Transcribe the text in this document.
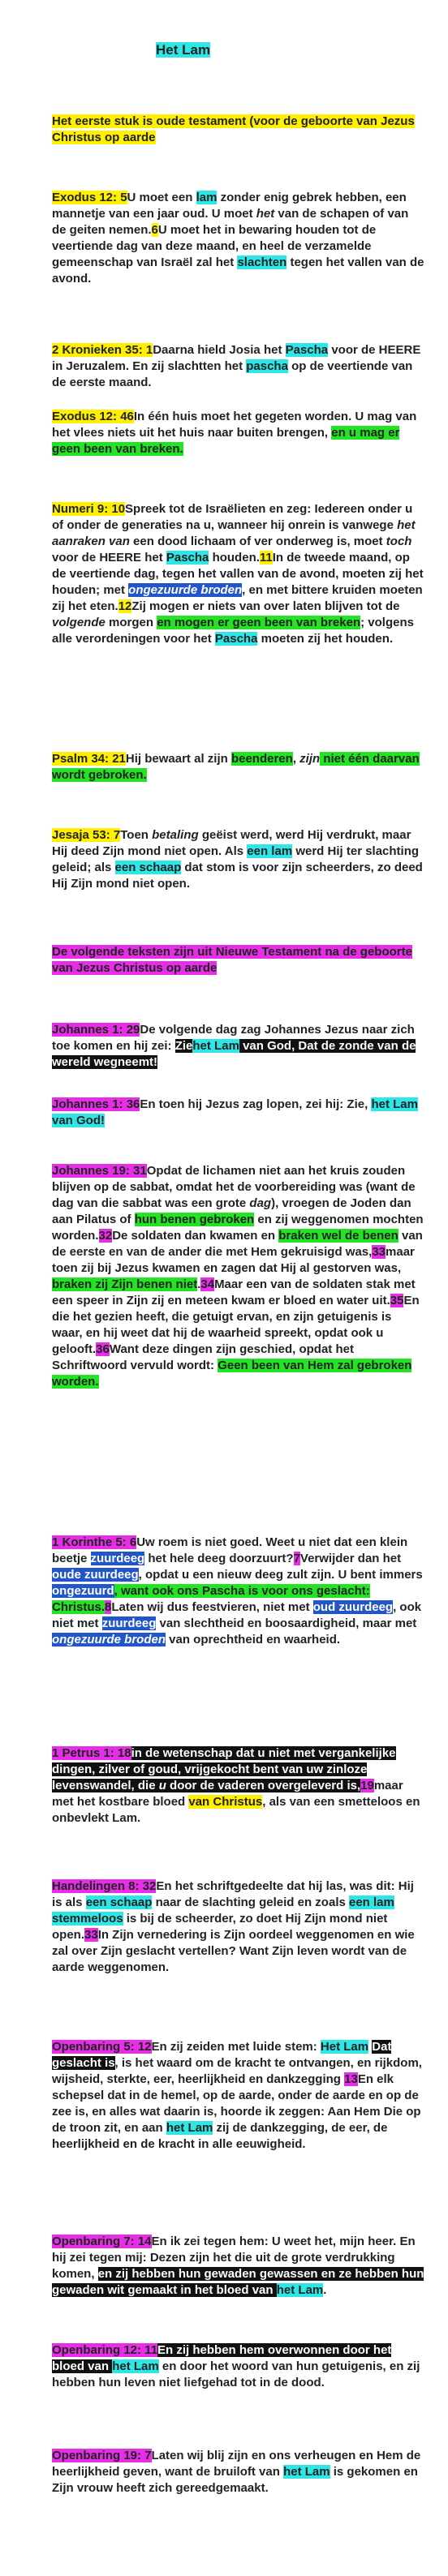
Het Lam

Het eerste stuk is oude testament (voor de geboorte van Jezus Christus op aarde

Exodus 12: 5U moet een lam zonder enig gebrek hebben, een mannetje van een jaar oud. U moet het van de schapen of van de geiten nemen.6U moet het in bewaring houden tot de veertiende dag van deze maand, en heel de verzamelde gemeenschap van Israël zal het slachten tegen het vallen van de avond.

2 Kronieken 35: 1Daarna hield Josia het Pascha voor de HEERE in Jeruzalem. En zij slachtten het pascha op de veertiende van de eerste maand.

Exodus 12: 46In één huis moet het gegeten worden. U mag van het vlees niets uit het huis naar buiten brengen, en u mag er geen been van breken.

Numeri 9: 10Spreek tot de Israëlieten en zeg: Iedereen onder u of onder de generaties na u, wanneer hij onrein is vanwege het aanraken van een dood lichaam of ver onderweg is, moet toch voor de HEERE het Pascha houden.11In de tweede maand, op de veertiende dag, tegen het vallen van de avond, moeten zij het houden; met ongezuurde broden, en met bittere kruiden moeten zij het eten.12Zij mogen er niets van over laten blijven tot de volgende morgen en mogen er geen been van breken; volgens alle verordeningen voor het Pascha moeten zij het houden.

Psalm 34: 21Hij bewaart al zijn beenderen, zijn niet één daarvan wordt gebroken.

Jesaja 53: 7Toen betaling geëist werd, werd Hij verdrukt, maar Hij deed Zijn mond niet open. Als een lam werd Hij ter slachting geleid; als een schaap dat stom is voor zijn scheerders, zo deed Hij Zijn mond niet open.

De volgende teksten zijn uit Nieuwe Testament na de geboorte van Jezus Christus op aarde

Johannes 1: 29De volgende dag zag Johannes Jezus naar zich toe komen en hij zei: Ziehet Lam van God, Dat de zonde van de wereld wegneemt!

Johannes 1: 36En toen hij Jezus zag lopen, zei hij: Zie, het Lam van God!

Johannes 19: 31Opdat de lichamen niet aan het kruis zouden blijven op de sabbat, omdat het de voorbereiding was (want de dag van die sabbat was een grote dag), vroegen de Joden dan aan Pilatus of hun benen gebroken en zij weggenomen mochten worden.32De soldaten dan kwamen en braken wel de benen van de eerste en van de ander die met Hem gekruisigd was,33maar toen zij bij Jezus kwamen en zagen dat Hij al gestorven was, braken zij Zijn benen niet.34Maar een van de soldaten stak met een speer in Zijn zij en meteen kwam er bloed en water uit.35En die het gezien heeft, die getuigt ervan, en zijn getuigenis is waar, en hij weet dat hij de waarheid spreekt, opdat ook u gelooft.36Want deze dingen zijn geschied, opdat het Schriftwoord vervuld wordt: Geen been van Hem zal gebroken worden.

1 Korinthe 5: 6Uw roem is niet goed. Weet u niet dat een klein beetje zuurdeeg het hele deeg doorzuurt?7Verwijder dan het oude zuurdeeg, opdat u een nieuw deeg zult zijn. U bent immers ongezuurd, want ook ons Pascha is voor ons geslacht: Christus.8Laten wij dus feestvieren, niet met oud zuurdeeg, ook niet met zuurdeeg van slechtheid en boosaardigheid, maar met ongezuurde broden van oprechtheid en waarheid.

1 Petrus 1: 18in de wetenschap dat u niet met vergankelijke dingen, zilver of goud, vrijgekocht bent van uw zinloze levenswandel, die u door de vaderen overgeleverd is,19maar met het kostbare bloed van Christus, als van een smetteloos en onbevlekt Lam.

Handelingen 8: 32En het schriftgedeelte dat hij las, was dit: Hij is als een schaap naar de slachting geleid en zoals een lam stemmeloos is bij de scheerder, zo doet Hij Zijn mond niet open.33In Zijn vernedering is Zijn oordeel weggenomen en wie zal over Zijn geslacht vertellen? Want Zijn leven wordt van de aarde weggenomen.

Openbaring 5: 12En zij zeiden met luide stem: Het Lam Dat geslacht is, is het waard om de kracht te ontvangen, en rijkdom, wijsheid, sterkte, eer, heerlijkheid en dankzegging 13En elk schepsel dat in de hemel, op de aarde, onder de aarde en op de zee is, en alles wat daarin is, hoorde ik zeggen: Aan Hem Die op de troon zit, en aan het Lam zij de dankzegging, de eer, de heerlijkheid en de kracht in alle eeuwigheid.

Openbaring 7: 14En ik zei tegen hem: U weet het, mijn heer. En hij zei tegen mij: Dezen zijn het die uit de grote verdrukking komen, en zij hebben hun gewaden gewassen en ze hebben hun gewaden wit gemaakt in het bloed van het Lam.

Openbaring 12: 11En zij hebben hem overwonnen door het bloed van het Lam en door het woord van hun getuigenis, en zij hebben hun leven niet liefgehad tot in de dood.

Openbaring 19: 7Laten wij blij zijn en ons verheugen en Hem de heerlijkheid geven, want de bruiloft van het Lam is gekomen en Zijn vrouw heeft zich gereedgemaakt.
